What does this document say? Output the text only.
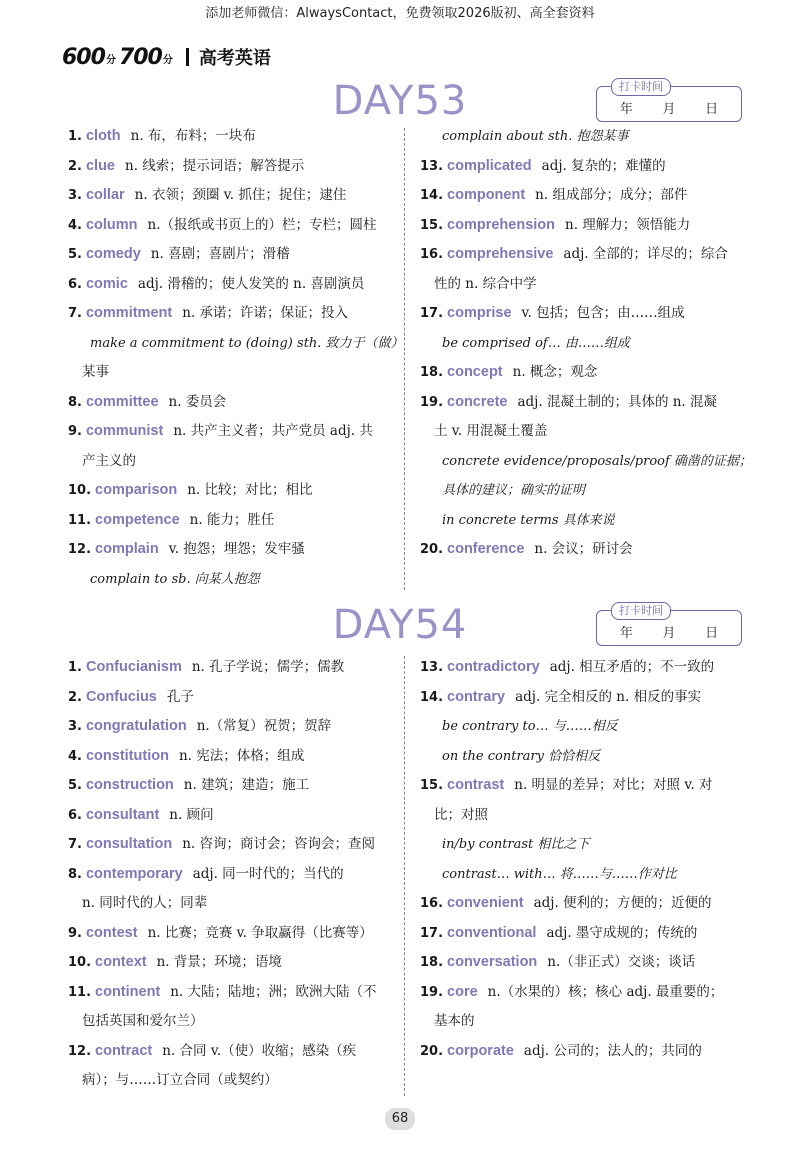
添加老师微信：AlwaysContact，免费领取2026版初、高全套资料
$600^分$ $700^分$ 高考英语
DAY53	打卡时间
年 月 日
1. cloth n. 布，布料；一块布
2. clue n. 线索；提示词语；解答提示
3. collar n. 衣领；颈圈 v. 抓住；捉住；逮住
4. column n.（报纸或书页上的）栏；专栏；圆柱
5. comedy n. 喜剧；喜剧片；滑稽
6. comic adj. 滑稽的；使人发笑的 n. 喜剧演员
7. commitment n. 承诺；许诺；保证；投入
make a commitment to (doing) sth. 致力于（做）
某事
8. committee n. 委员会
9. communist n. 共产主义者；共产党员 adj. 共
产主义的
10. comparison n. 比较；对比；相比
11. competence n. 能力；胜任
12. complain v. 抱怨；埋怨；发牢骚
complain to sb. 向某人抱怨
complain about sth. 抱怨某事
13. complicated adj. 复杂的；难懂的
14. component n. 组成部分；成分；部件
15. comprehension n. 理解力；领悟能力
16. comprehensive adj. 全部的；详尽的；综合
性的 n. 综合中学
17. comprise v. 包括；包含；由……组成
be comprised of… 由……组成
18. concept n. 概念；观念
19. concrete adj. 混凝土制的；具体的 n. 混凝
土 v. 用混凝土覆盖
concrete evidence/proposals/proof 确凿的证据；
具体的建议；确实的证明
in concrete terms 具体来说
20. conference n. 会议；研讨会
DAY54	打卡时间
年 月 日
1. Confucianism n. 孔子学说；儒学；儒教
2. Confucius 孔子
3. congratulation n.（常复）祝贺；贺辞
4. constitution n. 宪法；体格；组成
5. construction n. 建筑；建造；施工
6. consultant n. 顾问
7. consultation n. 咨询；商讨会；咨询会；查阅
8. contemporary adj. 同一时代的；当代的
n. 同时代的人；同辈
9. contest n. 比赛；竞赛 v. 争取赢得（比赛等）
10. context n. 背景；环境；语境
11. continent n. 大陆；陆地；洲；欧洲大陆（不
包括英国和爱尔兰）
12. contract n. 合同 v.（使）收缩；感染（疾
病）；与……订立合同（或契约）
13. contradictory adj. 相互矛盾的；不一致的
14. contrary adj. 完全相反的 n. 相反的事实
be contrary to… 与……相反
on the contrary 恰恰相反
15. contrast n. 明显的差异；对比；对照 v. 对
比；对照
in/by contrast 相比之下
contrast… with… 将……与……作对比
16. convenient adj. 便利的；方便的；近便的
17. conventional adj. 墨守成规的；传统的
18. conversation n.（非正式）交谈；谈话
19. core n.（水果的）核；核心 adj. 最重要的；
基本的
20. corporate adj. 公司的；法人的；共同的
68
